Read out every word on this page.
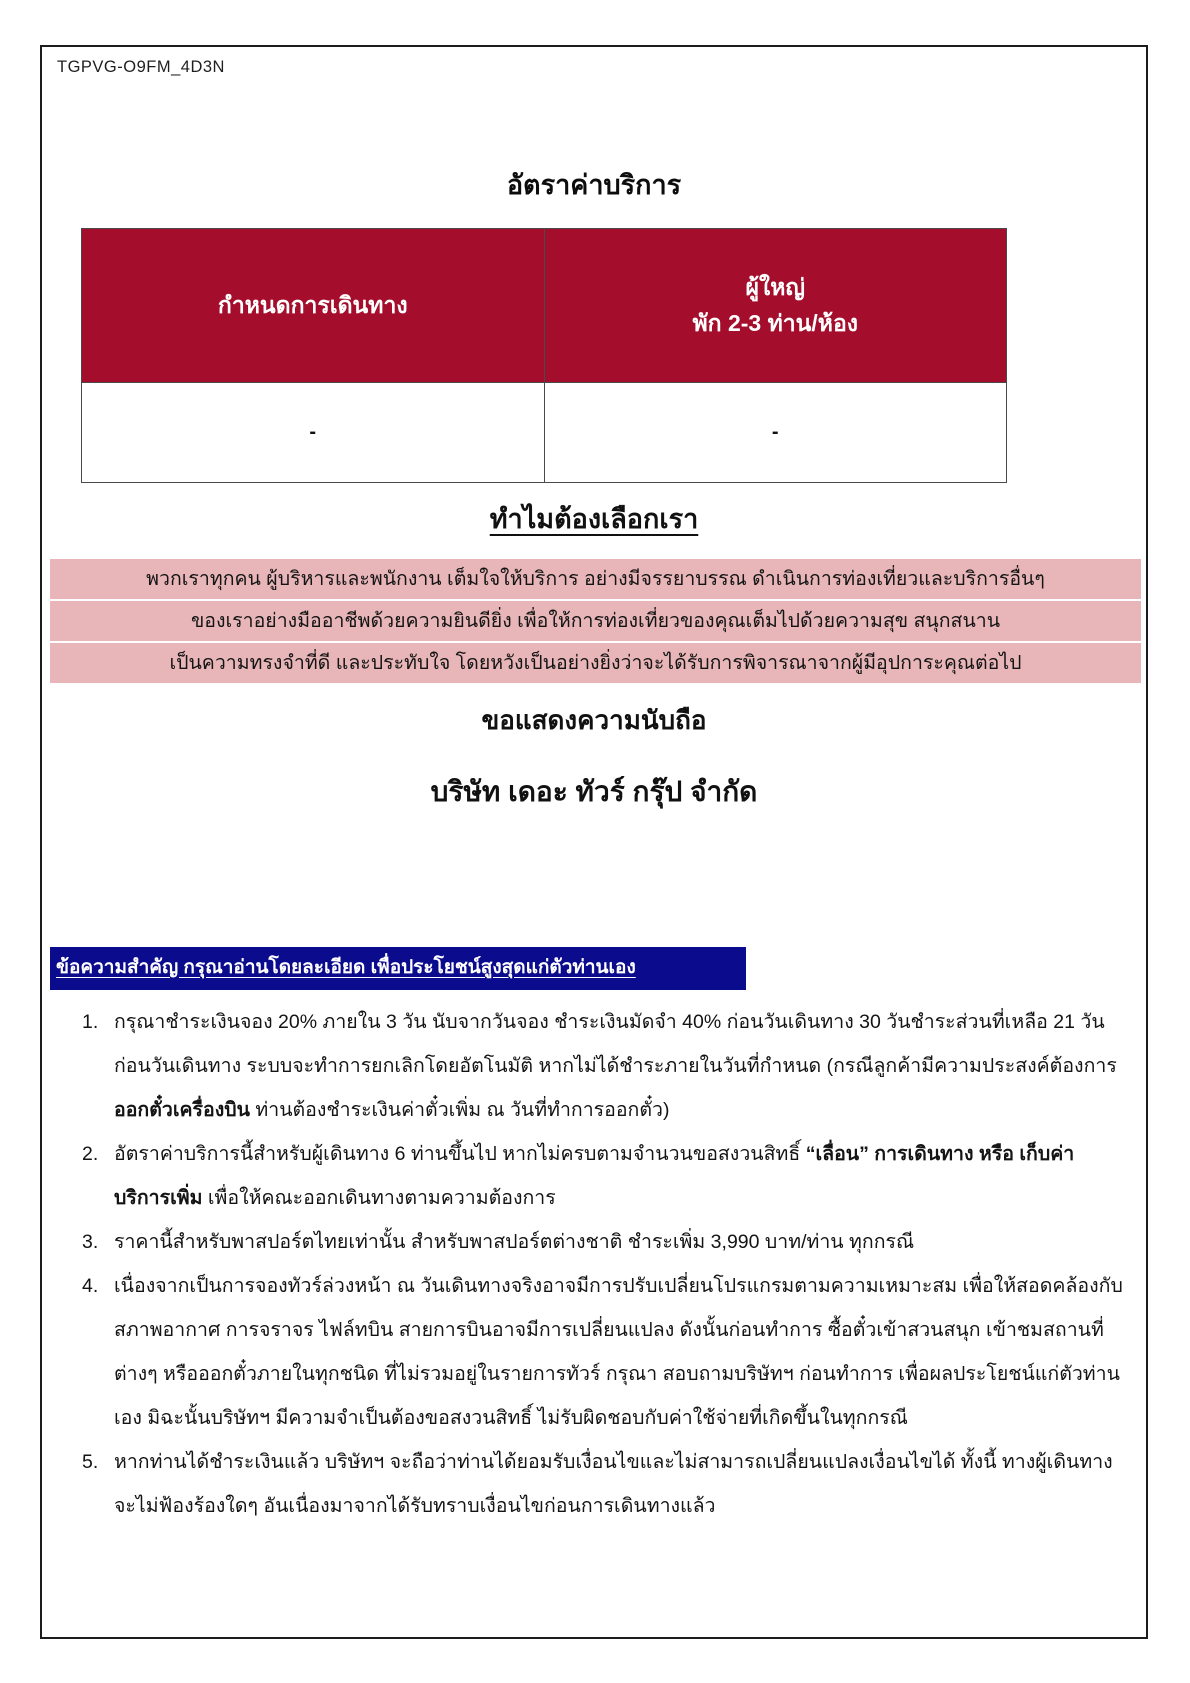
TGPVG-O9FM_4D3N
อัตราค่าบริการ
กำหนดการเดินทาง	ผู้ใหญ่
พัก 2-3 ท่าน/ห้อง

-	-
ทำไมต้องเลือกเรา
พวกเราทุกคน ผู้บริหารและพนักงาน เต็มใจให้บริการ อย่างมีจรรยาบรรณ ดำเนินการท่องเที่ยวและบริการอื่นๆ
ของเราอย่างมืออาชีพด้วยความยินดียิ่ง เพื่อให้การท่องเที่ยวของคุณเต็มไปด้วยความสุข สนุกสนาน
เป็นความทรงจำที่ดี และประทับใจ โดยหวังเป็นอย่างยิ่งว่าจะได้รับการพิจารณาจากผู้มีอุปการะคุณต่อไป
ขอแสดงความนับถือ
บริษัท เดอะ ทัวร์ กรุ๊ป จำกัด
ข้อความสำคัญ กรุณาอ่านโดยละเอียด เพื่อประโยชน์สูงสุดแก่ตัวท่านเอง
กรุณาชำระเงินจอง 20% ภายใน 3 วัน นับจากวันจอง ชำระเงินมัดจำ 40% ก่อนวันเดินทาง 30 วันชำระส่วนที่เหลือ 21 วัน ก่อนวันเดินทาง ระบบจะทำการยกเลิกโดยอัตโนมัติ หากไม่ได้ชำระภายในวันที่กำหนด (กรณีลูกค้ามีความประสงค์ต้องการออกตั๋วเครื่องบิน ท่านต้องชำระเงินค่าตั๋วเพิ่ม ณ วันที่ทำการออกตั๋ว)
อัตราค่าบริการนี้สำหรับผู้เดินทาง 6 ท่านขึ้นไป หากไม่ครบตามจำนวนขอสงวนสิทธิ์ “เลื่อน” การเดินทาง หรือ เก็บค่าบริการเพิ่ม เพื่อให้คณะออกเดินทางตามความต้องการ
ราคานี้สำหรับพาสปอร์ตไทยเท่านั้น สำหรับพาสปอร์ตต่างชาติ ชำระเพิ่ม 3,990 บาท/ท่าน ทุกกรณี
เนื่องจากเป็นการจองทัวร์ล่วงหน้า ณ วันเดินทางจริงอาจมีการปรับเปลี่ยนโปรแกรมตามความเหมาะสม เพื่อให้สอดคล้องกับสภาพอากาศ การจราจร ไฟล์ทบิน สายการบินอาจมีการเปลี่ยนแปลง ดังนั้นก่อนทำการ ซื้อตั๋วเข้าสวนสนุก เข้าชมสถานที่ต่างๆ หรือออกตั๋วภายในทุกชนิด ที่ไม่รวมอยู่ในรายการทัวร์ กรุณา สอบถามบริษัทฯ ก่อนทำการ เพื่อผลประโยชน์แก่ตัวท่านเอง มิฉะนั้นบริษัทฯ มีความจำเป็นต้องขอสงวนสิทธิ์ ไม่รับผิดชอบกับค่าใช้จ่ายที่เกิดขึ้นในทุกกรณี
หากท่านได้ชำระเงินแล้ว บริษัทฯ จะถือว่าท่านได้ยอมรับเงื่อนไขและไม่สามารถเปลี่ยนแปลงเงื่อนไขได้ ทั้งนี้ ทางผู้เดินทางจะไม่ฟ้องร้องใดๆ อันเนื่องมาจากได้รับทราบเงื่อนไขก่อนการเดินทางแล้ว
